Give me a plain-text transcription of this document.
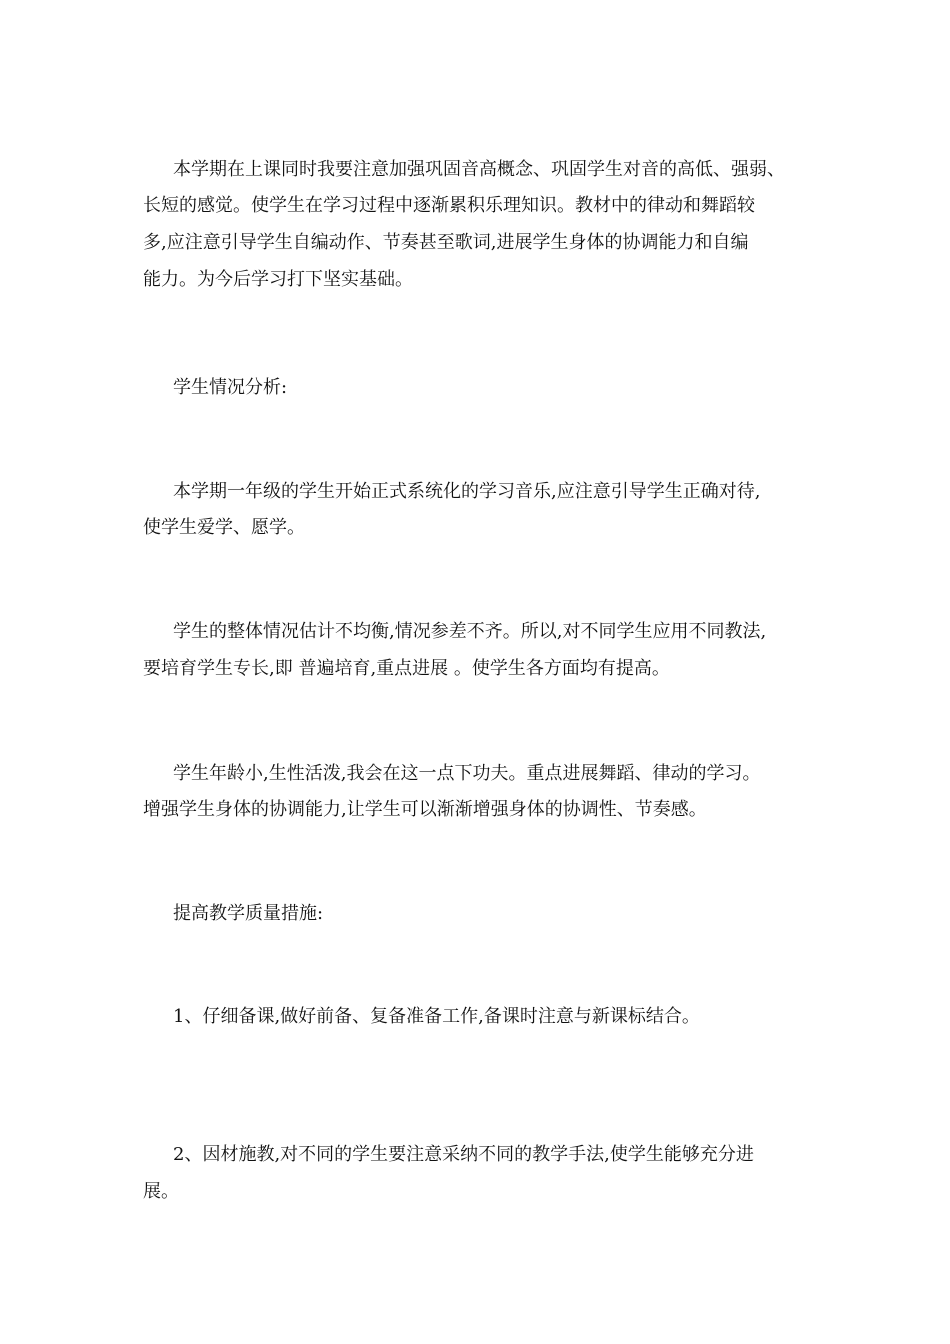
本学期在上课同时我要注意加强巩固音高概念、巩固学生对音的高低、强弱、
长短的感觉。使学生在学习过程中逐渐累积乐理知识。教材中的律动和舞蹈较
多,应注意引导学生自编动作、节奏甚至歌词,进展学生身体的协调能力和自编
能力。为今后学习打下坚实基础。
学生情况分析:
本学期一年级的学生开始正式系统化的学习音乐,应注意引导学生正确对待,
使学生爱学、愿学。
学生的整体情况估计不均衡,情况参差不齐。所以,对不同学生应用不同教法,
要培育学生专长,即 普遍培育,重点进展 。使学生各方面均有提高。
学生年龄小,生性活泼,我会在这一点下功夫。重点进展舞蹈、律动的学习。
增强学生身体的协调能力,让学生可以渐渐增强身体的协调性、节奏感。
提高教学质量措施:
1、仔细备课,做好前备、复备准备工作,备课时注意与新课标结合。
2、因材施教,对不同的学生要注意采纳不同的教学手法,使学生能够充分进
展。
